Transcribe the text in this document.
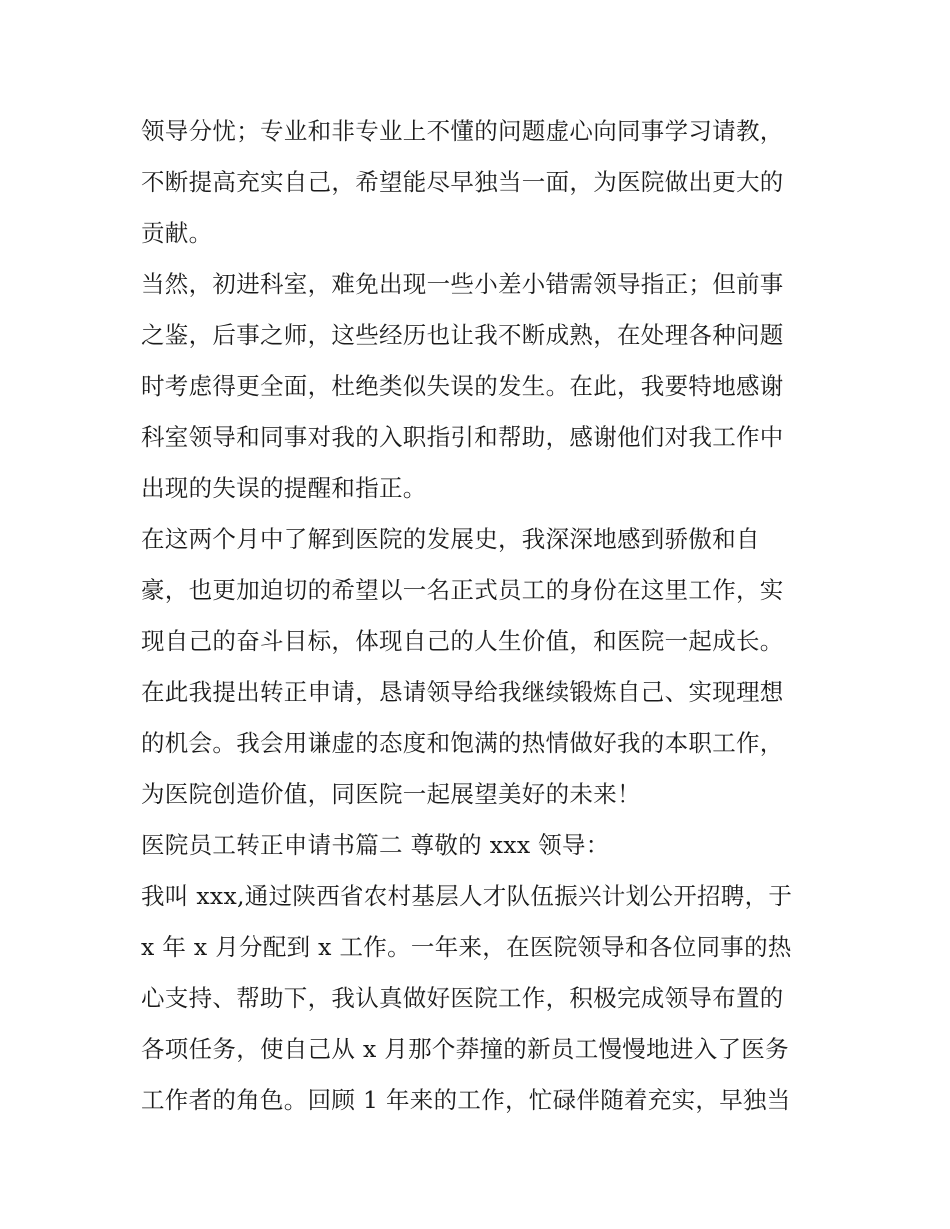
领导分忧；专业和非专业上不懂的问题虚心向同事学习请教，
不断提高充实自己，希望能尽早独当一面，为医院做出更大的
贡献。
当然，初进科室，难免出现一些小差小错需领导指正；但前事
之鉴，后事之师，这些经历也让我不断成熟，在处理各种问题
时考虑得更全面，杜绝类似失误的发生。在此，我要特地感谢
科室领导和同事对我的入职指引和帮助，感谢他们对我工作中
出现的失误的提醒和指正。
在这两个月中了解到医院的发展史，我深深地感到骄傲和自
豪，也更加迫切的希望以一名正式员工的身份在这里工作，实
现自己的奋斗目标，体现自己的人生价值，和医院一起成长。
在此我提出转正申请，恳请领导给我继续锻炼自己、实现理想
的机会。我会用谦虚的态度和饱满的热情做好我的本职工作，
为医院创造价值，同医院一起展望美好的未来！
医院员工转正申请书篇二 尊敬的 xxx 领导：
我叫 xxx,通过陕西省农村基层人才队伍振兴计划公开招聘，于
x 年 x 月分配到 x 工作。一年来，在医院领导和各位同事的热
心支持、帮助下，我认真做好医院工作，积极完成领导布置的
各项任务，使自己从 x 月那个莽撞的新员工慢慢地进入了医务
工作者的角色。回顾 1 年来的工作，忙碌伴随着充实，早独当
